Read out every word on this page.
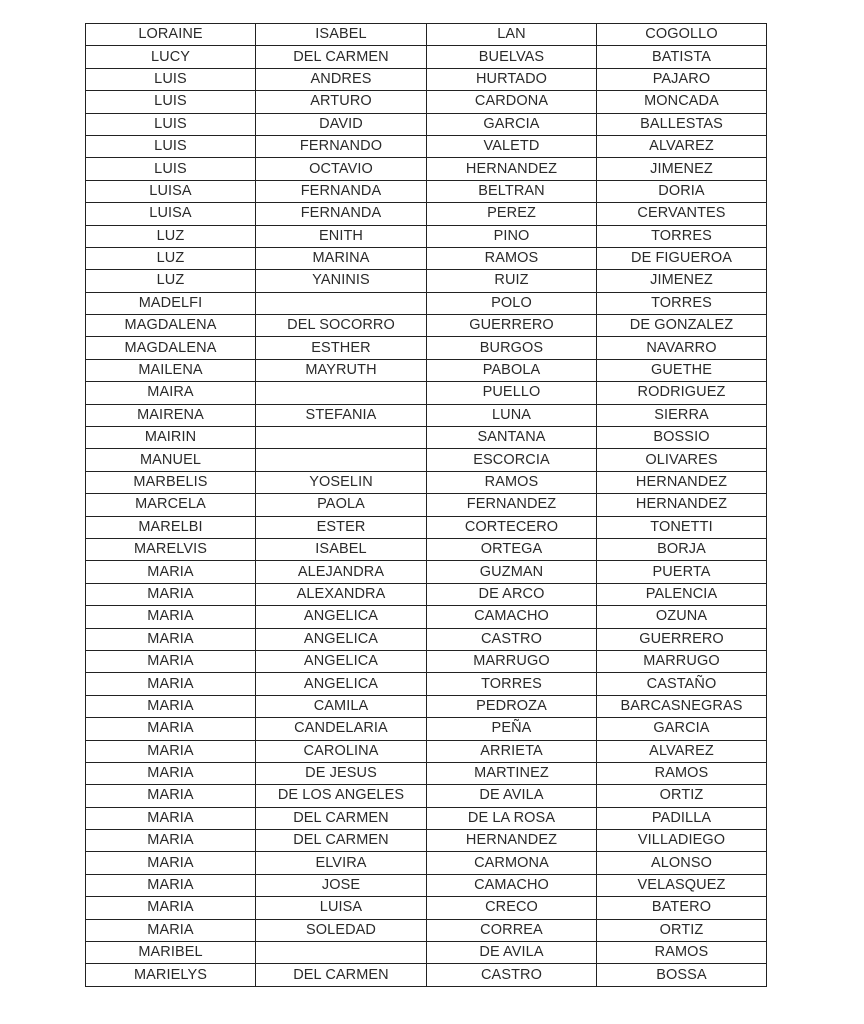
LORAINE	ISABEL	LAN	COGOLLO
LUCY	DEL CARMEN	BUELVAS	BATISTA
LUIS	ANDRES	HURTADO	PAJARO
LUIS	ARTURO	CARDONA	MONCADA
LUIS	DAVID	GARCIA	BALLESTAS
LUIS	FERNANDO	VALETD	ALVAREZ
LUIS	OCTAVIO	HERNANDEZ	JIMENEZ
LUISA	FERNANDA	BELTRAN	DORIA
LUISA	FERNANDA	PEREZ	CERVANTES
LUZ	ENITH	PINO	TORRES
LUZ	MARINA	RAMOS	DE FIGUEROA
LUZ	YANINIS	RUIZ	JIMENEZ
MADELFI		POLO	TORRES
MAGDALENA	DEL SOCORRO	GUERRERO	DE GONZALEZ
MAGDALENA	ESTHER	BURGOS	NAVARRO
MAILENA	MAYRUTH	PABOLA	GUETHE
MAIRA		PUELLO	RODRIGUEZ
MAIRENA	STEFANIA	LUNA	SIERRA
MAIRIN		SANTANA	BOSSIO
MANUEL		ESCORCIA	OLIVARES
MARBELIS	YOSELIN	RAMOS	HERNANDEZ
MARCELA	PAOLA	FERNANDEZ	HERNANDEZ
MARELBI	ESTER	CORTECERO	TONETTI
MARELVIS	ISABEL	ORTEGA	BORJA
MARIA	ALEJANDRA	GUZMAN	PUERTA
MARIA	ALEXANDRA	DE ARCO	PALENCIA
MARIA	ANGELICA	CAMACHO	OZUNA
MARIA	ANGELICA	CASTRO	GUERRERO
MARIA	ANGELICA	MARRUGO	MARRUGO
MARIA	ANGELICA	TORRES	CASTAÑO
MARIA	CAMILA	PEDROZA	BARCASNEGRAS
MARIA	CANDELARIA	PEÑA	GARCIA
MARIA	CAROLINA	ARRIETA	ALVAREZ
MARIA	DE JESUS	MARTINEZ	RAMOS
MARIA	DE LOS ANGELES	DE AVILA	ORTIZ
MARIA	DEL CARMEN	DE LA ROSA	PADILLA
MARIA	DEL CARMEN	HERNANDEZ	VILLADIEGO
MARIA	ELVIRA	CARMONA	ALONSO
MARIA	JOSE	CAMACHO	VELASQUEZ
MARIA	LUISA	CRECO	BATERO
MARIA	SOLEDAD	CORREA	ORTIZ
MARIBEL		DE AVILA	RAMOS
MARIELYS	DEL CARMEN	CASTRO	BOSSA
